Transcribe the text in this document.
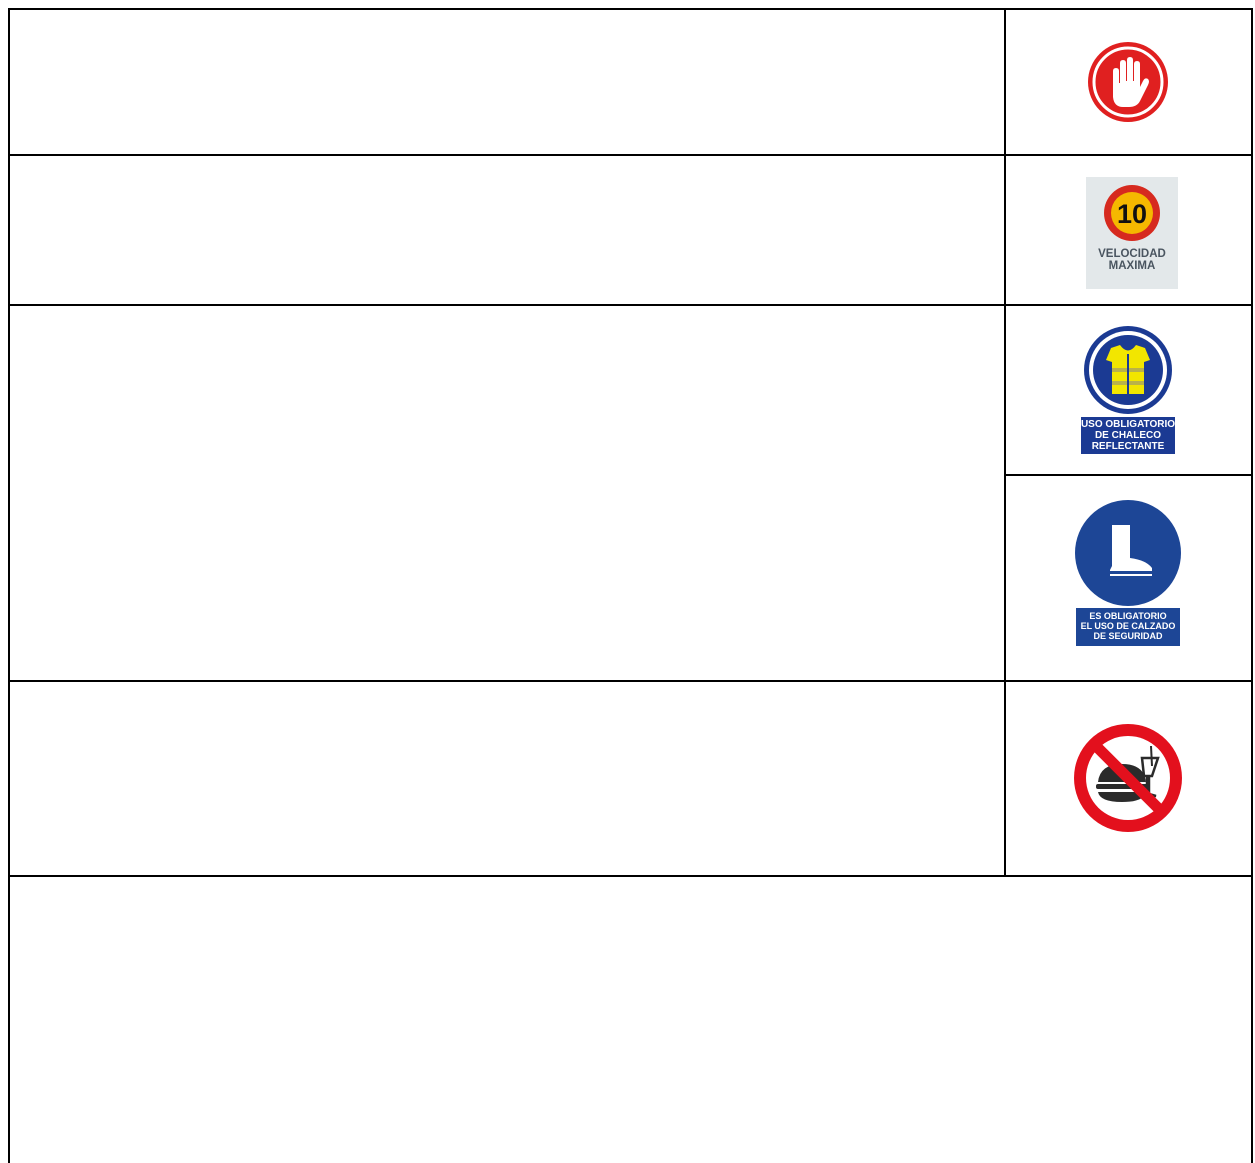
10
VELOCIDAD
MAXIMA
USO OBLIGATORIO
DE CHALECO
REFLECTANTE
ES OBLIGATORIO
EL USO DE CALZADO
DE SEGURIDAD
